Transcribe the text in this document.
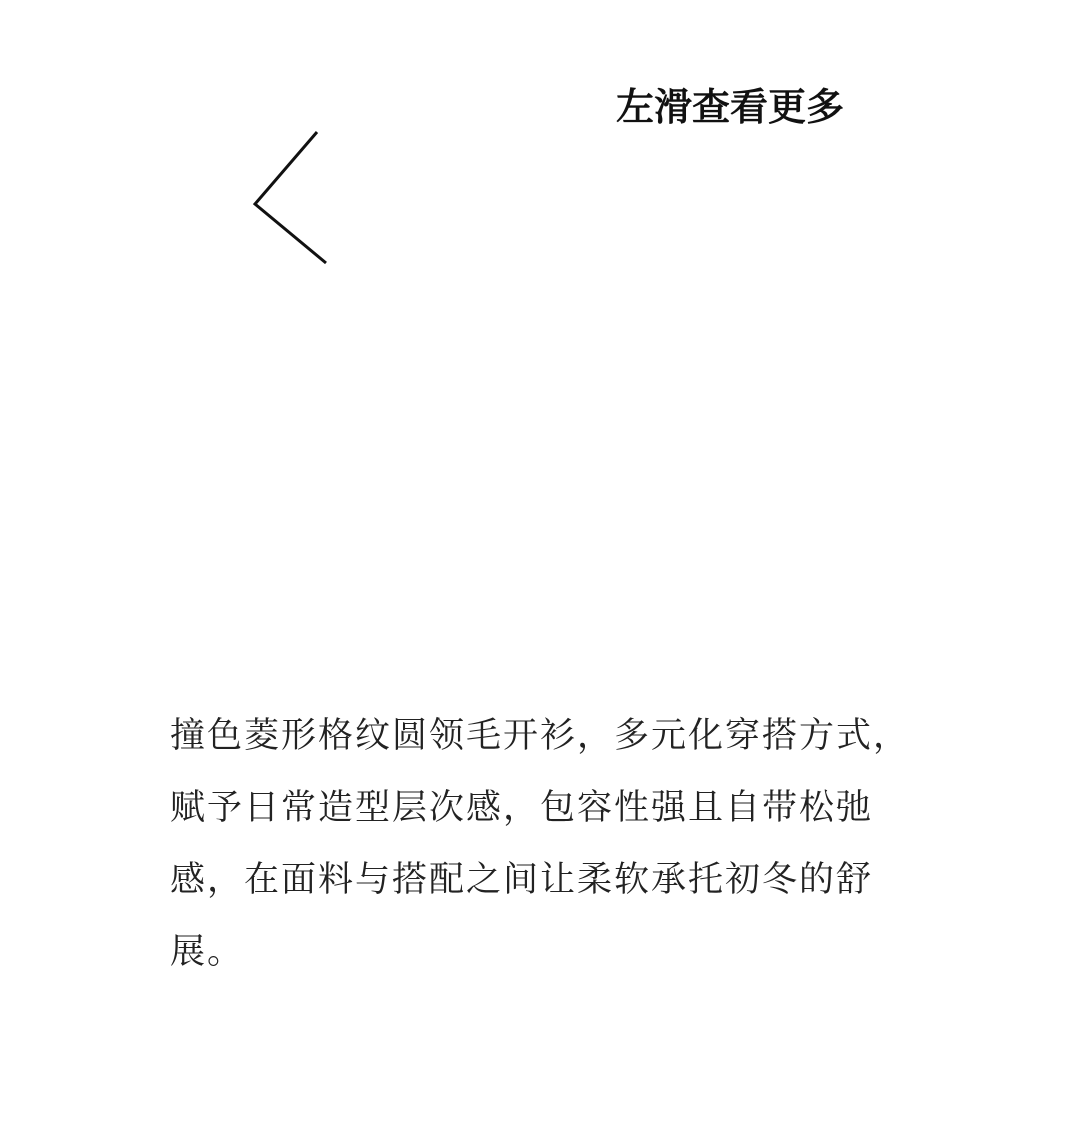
左滑查看更多
撞色菱形格纹圆领毛开衫，多元化穿搭方式，
赋予日常造型层次感，包容性强且自带松弛
感，在面料与搭配之间让柔软承托初冬的舒
展。
